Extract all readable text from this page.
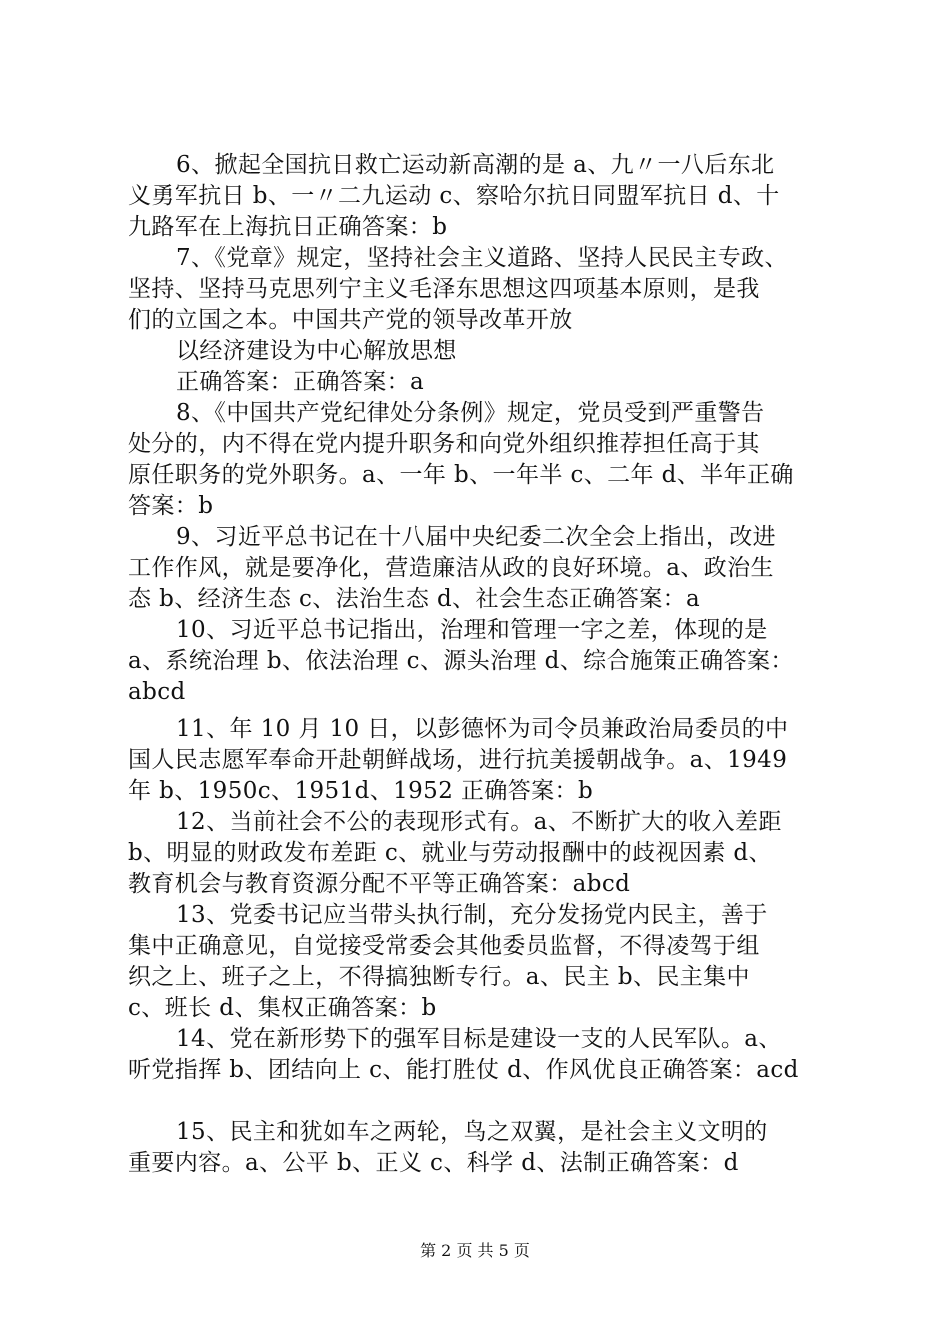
6、掀起全国抗日救亡运动新高潮的是 a、九〃一八后东北
义勇军抗日 b、一〃二九运动 c、察哈尔抗日同盟军抗日 d、十
九路军在上海抗日正确答案：b
7、《党章》规定，坚持社会主义道路、坚持人民民主专政、
坚持、坚持马克思列宁主义毛泽东思想这四项基本原则，是我
们的立国之本。中国共产党的领导改革开放
以经济建设为中心解放思想
正确答案：正确答案：a
8、《中国共产党纪律处分条例》规定，党员受到严重警告
处分的，内不得在党内提升职务和向党外组织推荐担任高于其
原任职务的党外职务。a、一年 b、一年半 c、二年 d、半年正确
答案：b
9、习近平总书记在十八届中央纪委二次全会上指出，改进
工作作风，就是要净化，营造廉洁从政的良好环境。a、政治生
态 b、经济生态 c、法治生态 d、社会生态正确答案：a
10、习近平总书记指出，治理和管理一字之差，体现的是
a、系统治理 b、依法治理 c、源头治理 d、综合施策正确答案：
abcd
11、年 10 月 10 日，以彭德怀为司令员兼政治局委员的中
国人民志愿军奉命开赴朝鲜战场，进行抗美援朝战争。a、1949
年 b、1950c、1951d、1952 正确答案：b
12、当前社会不公的表现形式有。a、不断扩大的收入差距
b、明显的财政发布差距 c、就业与劳动报酬中的歧视因素 d、
教育机会与教育资源分配不平等正确答案：abcd
13、党委书记应当带头执行制，充分发扬党内民主，善于
集中正确意见，自觉接受常委会其他委员监督，不得凌驾于组
织之上、班子之上，不得搞独断专行。a、民主 b、民主集中
c、班长 d、集权正确答案：b
14、党在新形势下的强军目标是建设一支的人民军队。a、
听党指挥 b、团结向上 c、能打胜仗 d、作风优良正确答案：acd
15、民主和犹如车之两轮，鸟之双翼，是社会主义文明的
重要内容。a、公平 b、正义 c、科学 d、法制正确答案：d
第 2 页 共 5 页
